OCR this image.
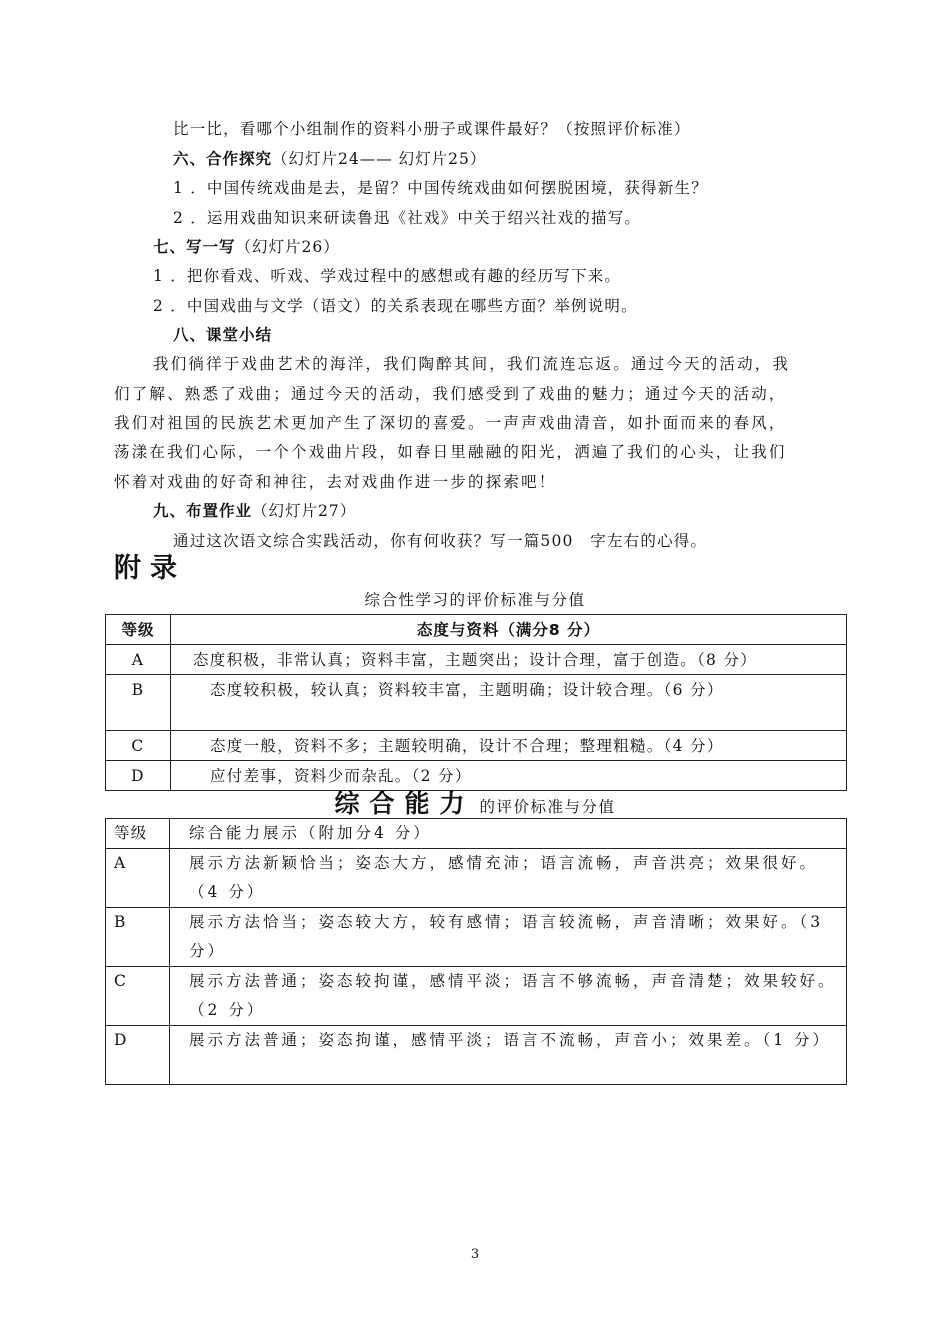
比一比，看哪个小组制作的资料小册子或课件最好？（按照评价标准）
六、合作探究（幻灯片24—— 幻灯片25）
1 ．中国传统戏曲是去，是留？中国传统戏曲如何摆脱困境，获得新生？
2 ．运用戏曲知识来研读鲁迅《社戏》中关于绍兴社戏的描写。
七、写一写（幻灯片26）
1 ．把你看戏、听戏、学戏过程中的感想或有趣的经历写下来。
2 ．中国戏曲与文学（语文）的关系表现在哪些方面？举例说明。
八、课堂小结
我们徜徉于戏曲艺术的海洋，我们陶醉其间，我们流连忘返。通过今天的活动，我
们了解、熟悉了戏曲；通过今天的活动，我们感受到了戏曲的魅力；通过今天的活动，
我们对祖国的民族艺术更加产生了深切的喜爱。一声声戏曲清音，如扑面而来的春风，
荡漾在我们心际，一个个戏曲片段，如春日里融融的阳光，洒遍了我们的心头，让我们
怀着对戏曲的好奇和神往，去对戏曲作进一步的探索吧！
九、布置作业（幻灯片27）
通过这次语文综合实践活动，你有何收获？写一篇500　字左右的心得。
附录
综合性学习的评价标准与分值
等级	态度与资料（满分8 分）
A	态度积极，非常认真；资料丰富，主题突出；设计合理，富于创造。（8 分）
B	态度较积极，较认真；资料较丰富，主题明确；设计较合理。（6 分）
C	态度一般，资料不多；主题较明确，设计不合理；整理粗糙。（4 分）
D	应付差事，资料少而杂乱。（2 分）
综合能力 的评价标准与分值
等级	综合能力展示（附加分4 分）
A	展示方法新颖恰当；姿态大方，感情充沛；语言流畅，声音洪亮；效果很好。（4 分）
B	展示方法恰当；姿态较大方，较有感情；语言较流畅，声音清晰；效果好。（3 分）
C	展示方法普通；姿态较拘谨，感情平淡；语言不够流畅，声音清楚；效果较好。（2 分）
D	展示方法普通；姿态拘谨，感情平淡；语言不流畅，声音小；效果差。（1 分）
3
